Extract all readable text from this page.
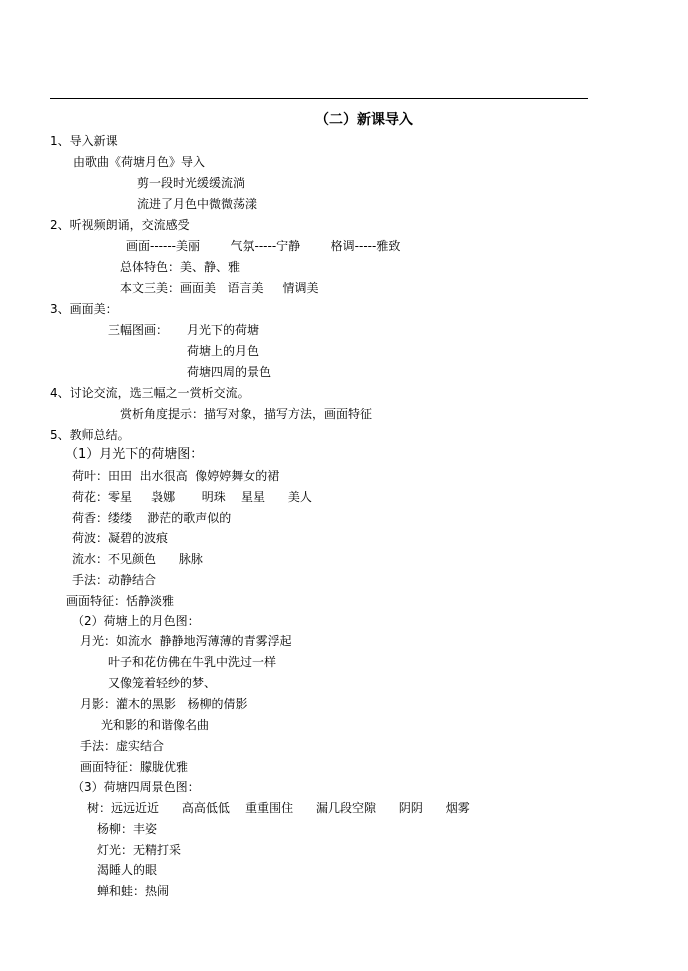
（二）新课导入
1、导入新课
由歌曲《荷塘月色》导入
剪一段时光缓缓流淌
流进了月色中微微荡漾
2、听视频朗诵，交流感受
画面------美丽        气氛-----宁静        格调-----雅致
总体特色：美、静、雅
本文三美：画面美   语言美     情调美
3、画面美：
三幅图画： 月光下的荷塘
荷塘上的月色
荷塘四周的景色
4、讨论交流，选三幅之一赏析交流。
赏析角度提示：描写对象，描写方法，画面特征
5、教师总结。
（1）月光下的荷塘图：
荷叶：田田  出水很高  像婷婷舞女的裙
荷花：零星     袅娜       明珠    星星      美人
荷香：缕缕    渺茫的歌声似的
荷波：凝碧的波痕
流水：不见颜色      脉脉
手法：动静结合
画面特征：恬静淡雅
（2）荷塘上的月色图：
月光：如流水  静静地泻薄薄的青雾浮起
叶子和花仿佛在牛乳中洗过一样
又像笼着轻纱的梦、
月影：灌木的黑影   杨柳的倩影
光和影的和谐像名曲
手法：虚实结合
画面特征：朦胧优雅
（3）荷塘四周景色图：
树：远远近近      高高低低    重重围住      漏几段空隙      阴阴      烟雾
杨柳：丰姿
灯光：无精打采
渴睡人的眼
蝉和蛙：热闹
